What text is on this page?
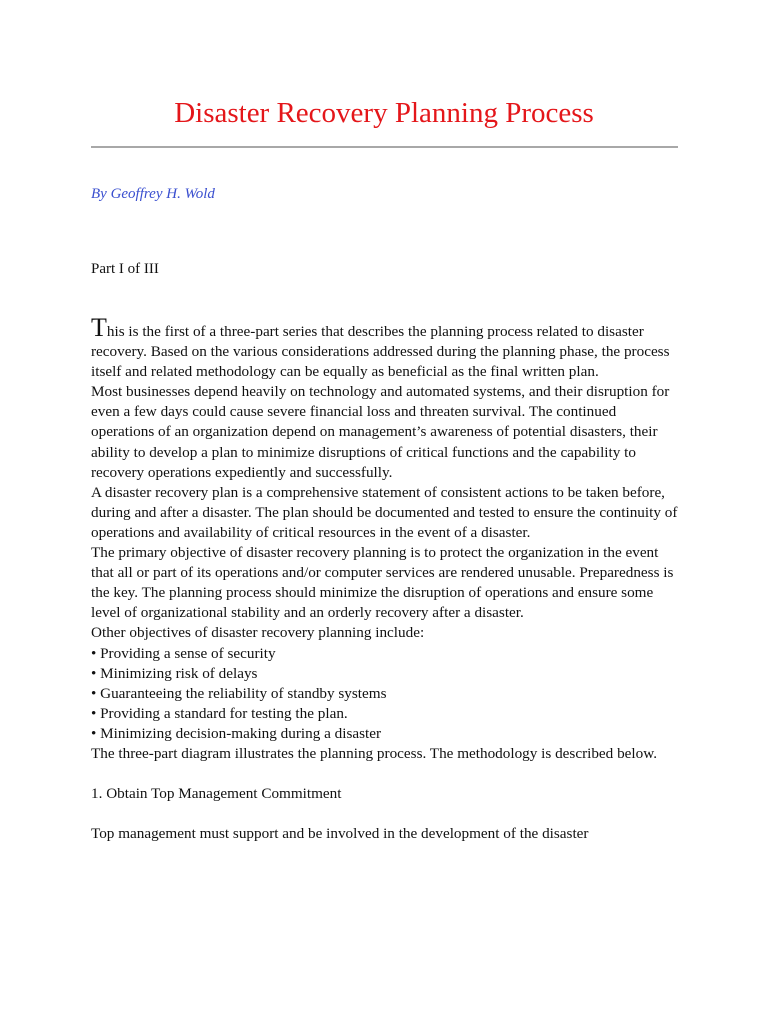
Disaster Recovery Planning Process

By Geoffrey H. Wold

Part I of III

This is the first of a three-part series that describes the planning process related to disaster recovery. Based on the various considerations addressed during the planning phase, the process itself and related methodology can be equally as beneficial as the final written plan.

Most businesses depend heavily on technology and automated systems, and their disruption for even a few days could cause severe financial loss and threaten survival. The continued operations of an organization depend on management’s awareness of potential disasters, their ability to develop a plan to minimize disruptions of critical functions and the capability to recovery operations expediently and successfully.

A disaster recovery plan is a comprehensive statement of consistent actions to be taken before, during and after a disaster. The plan should be documented and tested to ensure the continuity of operations and availability of critical resources in the event of a disaster.

The primary objective of disaster recovery planning is to protect the organization in the event that all or part of its operations and/or computer services are rendered unusable. Preparedness is the key. The planning process should minimize the disruption of operations and ensure some level of organizational stability and an orderly recovery after a disaster.

Other objectives of disaster recovery planning include:

• Providing a sense of security

• Minimizing risk of delays

• Guaranteeing the reliability of standby systems

• Providing a standard for testing the plan.

• Minimizing decision-making during a disaster

The three-part diagram illustrates the planning process. The methodology is described below.

1. Obtain Top Management Commitment

Top management must support and be involved in the development of the disaster
